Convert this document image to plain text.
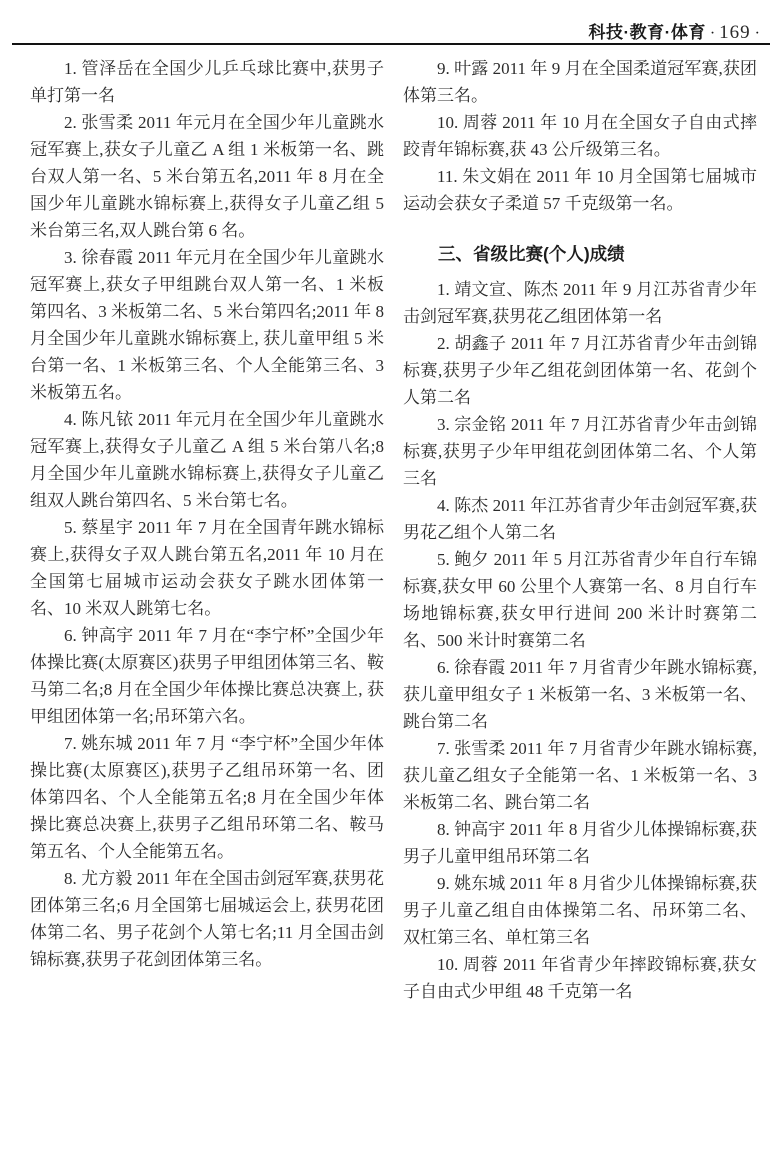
科技·教育·体育 · 169 ·

1. 管泽岳在全国少儿乒乓球比赛中,获男子单打第一名

2. 张雪柔 2011 年元月在全国少年儿童跳水冠军赛上,获女子儿童乙 A 组 1 米板第一名、跳台双人第一名、5 米台第五名,2011 年 8 月在全国少年儿童跳水锦标赛上,获得女子儿童乙组 5 米台第三名,双人跳台第 6 名。

3. 徐春霞 2011 年元月在全国少年儿童跳水冠军赛上,获女子甲组跳台双人第一名、1 米板第四名、3 米板第二名、5 米台第四名;2011 年 8 月全国少年儿童跳水锦标赛上, 获儿童甲组 5 米台第一名、1 米板第三名、个人全能第三名、3 米板第五名。

4. 陈凡铱 2011 年元月在全国少年儿童跳水冠军赛上,获得女子儿童乙 A 组 5 米台第八名;8 月全国少年儿童跳水锦标赛上,获得女子儿童乙组双人跳台第四名、5 米台第七名。

5. 蔡星宇 2011 年 7 月在全国青年跳水锦标赛上,获得女子双人跳台第五名,2011 年 10 月在全国第七届城市运动会获女子跳水团体第一名、10 米双人跳第七名。

6. 钟高宇 2011 年 7 月在“李宁杯”全国少年体操比赛(太原赛区)获男子甲组团体第三名、鞍马第二名;8 月在全国少年体操比赛总决赛上, 获甲组团体第一名;吊环第六名。

7. 姚东城 2011 年 7 月 “李宁杯”全国少年体操比赛(太原赛区),获男子乙组吊环第一名、团体第四名、个人全能第五名;8 月在全国少年体操比赛总决赛上,获男子乙组吊环第二名、鞍马第五名、个人全能第五名。

8. 尤方毅 2011 年在全国击剑冠军赛,获男花团体第三名;6 月全国第七届城运会上, 获男花团体第二名、男子花剑个人第七名;11 月全国击剑锦标赛,获男子花剑团体第三名。

9. 叶露 2011 年 9 月在全国柔道冠军赛,获团体第三名。

10. 周蓉 2011 年 10 月在全国女子自由式摔跤青年锦标赛,获 43 公斤级第三名。

11. 朱文娟在 2011 年 10 月全国第七届城市运动会获女子柔道 57 千克级第一名。

三、省级比赛(个人)成绩

1. 靖文宣、陈杰 2011 年 9 月江苏省青少年击剑冠军赛,获男花乙组团体第一名

2. 胡鑫子 2011 年 7 月江苏省青少年击剑锦标赛,获男子少年乙组花剑团体第一名、花剑个人第二名

3. 宗金铭 2011 年 7 月江苏省青少年击剑锦标赛,获男子少年甲组花剑团体第二名、个人第三名

4. 陈杰 2011 年江苏省青少年击剑冠军赛,获男花乙组个人第二名

5. 鲍夕 2011 年 5 月江苏省青少年自行车锦标赛,获女甲 60 公里个人赛第一名、8 月自行车场地锦标赛,获女甲行进间 200 米计时赛第二名、500 米计时赛第二名

6. 徐春霞 2011 年 7 月省青少年跳水锦标赛,获儿童甲组女子 1 米板第一名、3 米板第一名、跳台第二名

7. 张雪柔 2011 年 7 月省青少年跳水锦标赛,获儿童乙组女子全能第一名、1 米板第一名、3 米板第二名、跳台第二名

8. 钟高宇 2011 年 8 月省少儿体操锦标赛,获男子儿童甲组吊环第二名

9. 姚东城 2011 年 8 月省少儿体操锦标赛,获男子儿童乙组自由体操第二名、吊环第二名、双杠第三名、单杠第三名

10. 周蓉 2011 年省青少年摔跤锦标赛,获女子自由式少甲组 48 千克第一名
